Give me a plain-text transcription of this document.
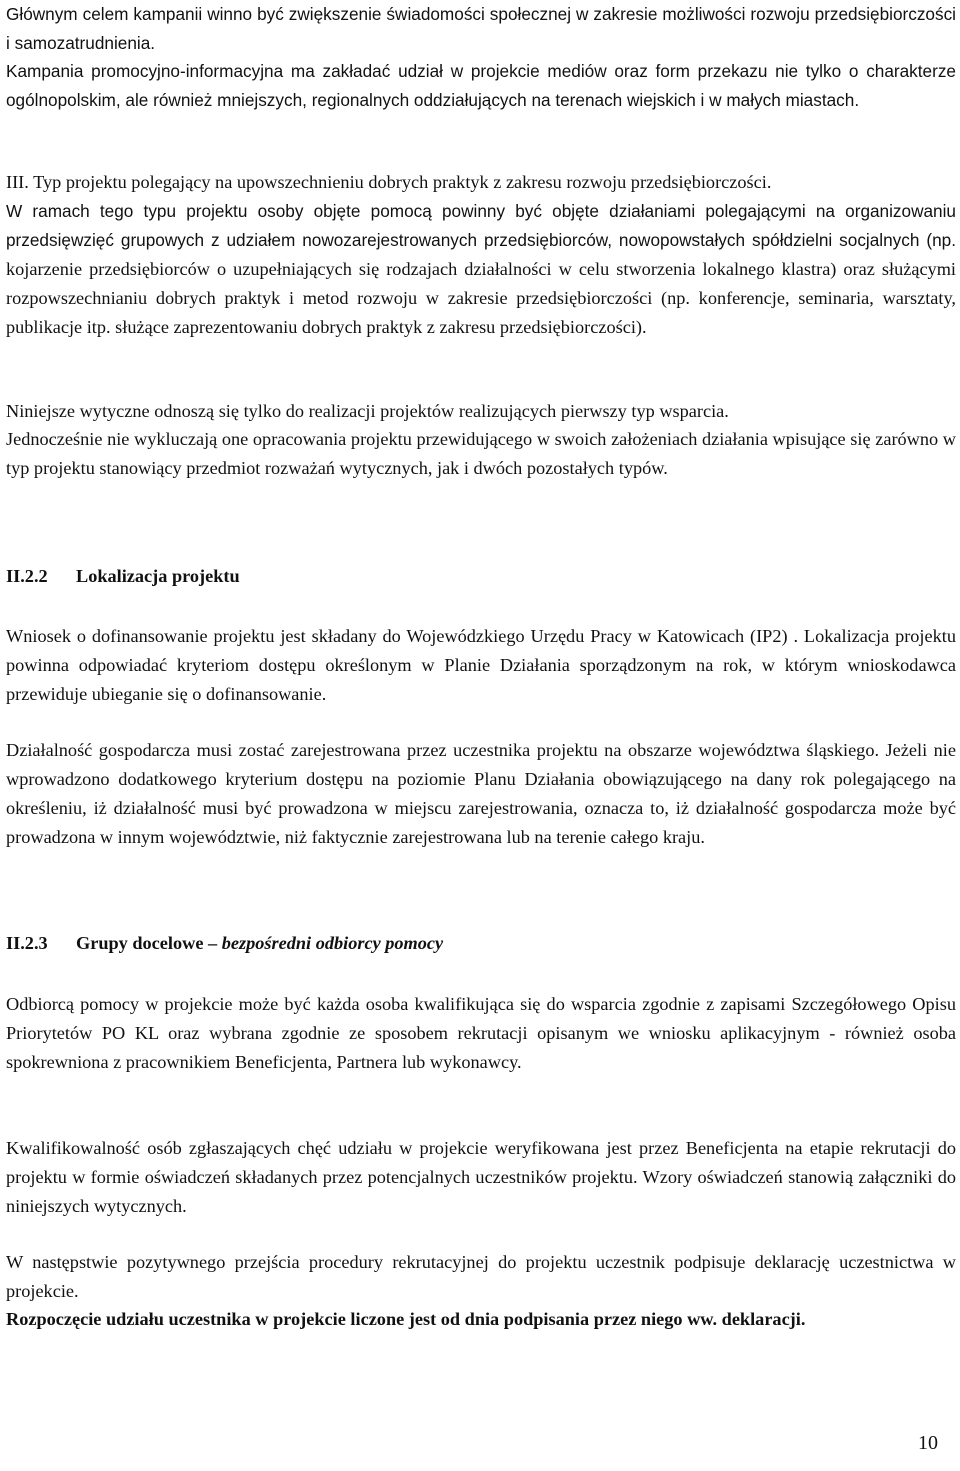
Głównym celem kampanii winno być zwiększenie świadomości społecznej w zakresie możliwości rozwoju przedsiębiorczości i samozatrudnienia.

Kampania promocyjno-informacyjna ma zakładać udział w projekcie mediów oraz form przekazu nie tylko o charakterze ogólnopolskim, ale również mniejszych, regionalnych oddziałujących na terenach wiejskich i w małych miastach.

III. Typ projektu polegający na upowszechnieniu dobrych praktyk z zakresu rozwoju przedsiębiorczości.

W ramach tego typu projektu osoby objęte pomocą powinny być objęte działaniami polegającymi na organizowaniu przedsięwzięć grupowych z udziałem nowozarejestrowanych przedsiębiorców, nowopowstałych spółdzielni socjalnych (np. kojarzenie przedsiębiorców o uzupełniających się rodzajach działalności w celu stworzenia lokalnego klastra) oraz służącymi rozpowszechnianiu dobrych praktyk i metod rozwoju w zakresie przedsiębiorczości (np. konferencje, seminaria, warsztaty, publikacje itp. służące zaprezentowaniu dobrych praktyk z zakresu przedsiębiorczości).

Niniejsze wytyczne odnoszą się tylko do realizacji projektów realizujących pierwszy typ wsparcia.

Jednocześnie nie wykluczają one opracowania projektu przewidującego w swoich założeniach działania wpisujące się zarówno w typ projektu stanowiący przedmiot rozważań wytycznych, jak i dwóch pozostałych typów.

II.2.2 Lokalizacja projektu

Wniosek o dofinansowanie projektu jest składany do Wojewódzkiego Urzędu Pracy w Katowicach (IP2) . Lokalizacja projektu powinna odpowiadać kryteriom dostępu określonym w Planie Działania sporządzonym na rok, w którym wnioskodawca przewiduje ubieganie się o dofinansowanie.

Działalność gospodarcza musi zostać zarejestrowana przez uczestnika projektu na obszarze województwa śląskiego. Jeżeli nie wprowadzono dodatkowego kryterium dostępu na poziomie Planu Działania obowiązującego na dany rok polegającego na określeniu, iż działalność musi być prowadzona w miejscu zarejestrowania, oznacza to, iż działalność gospodarcza może być prowadzona w innym województwie, niż faktycznie zarejestrowana lub na terenie całego kraju.

II.2.3 Grupy docelowe – bezpośredni odbiorcy pomocy

Odbiorcą pomocy w projekcie może być każda osoba kwalifikująca się do wsparcia zgodnie z zapisami Szczegółowego Opisu Priorytetów PO KL oraz wybrana zgodnie ze sposobem rekrutacji opisanym we wniosku aplikacyjnym - również osoba spokrewniona z pracownikiem Beneficjenta, Partnera lub wykonawcy.

Kwalifikowalność osób zgłaszających chęć udziału w projekcie weryfikowana jest przez Beneficjenta na etapie rekrutacji do projektu w formie oświadczeń składanych przez potencjalnych uczestników projektu. Wzory oświadczeń stanowią załączniki do niniejszych wytycznych.

W następstwie pozytywnego przejścia procedury rekrutacyjnej do projektu uczestnik podpisuje deklarację uczestnictwa w projekcie.

Rozpoczęcie udziału uczestnika w projekcie liczone jest od dnia podpisania przez niego ww. deklaracji.

10
